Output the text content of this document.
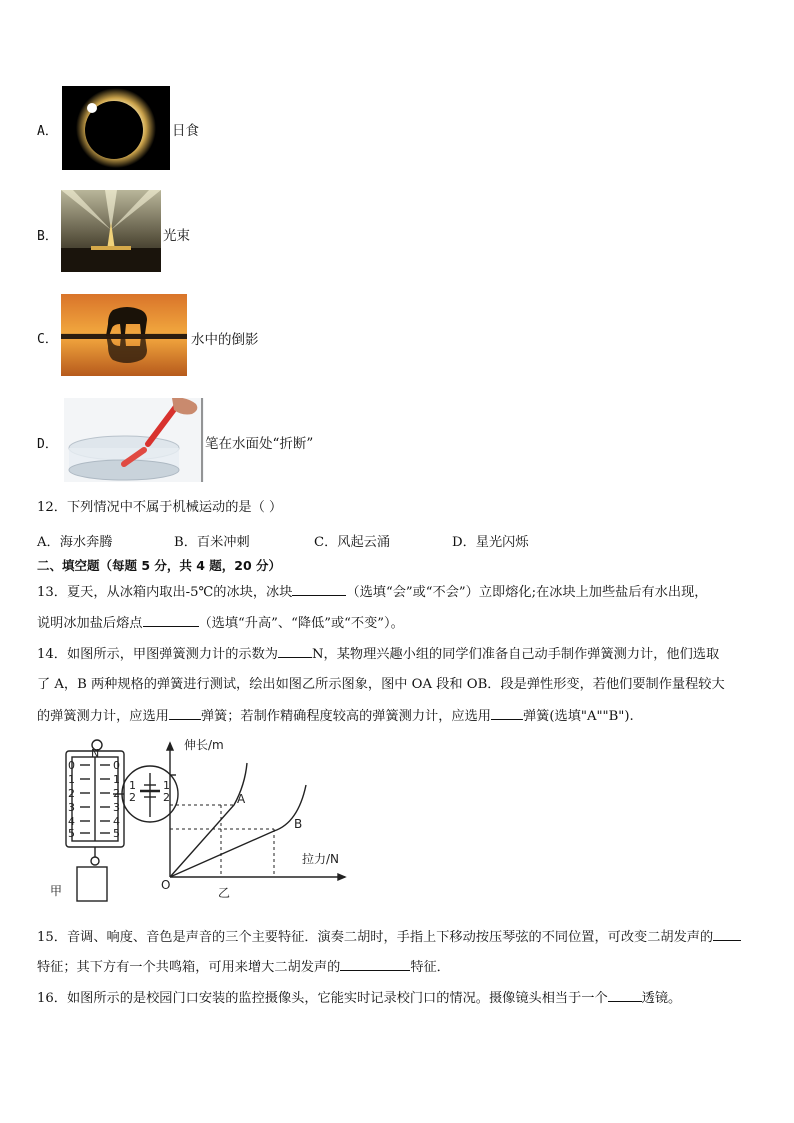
A．	日食
B．	光束
C．	水中的倒影
D．	笔在水面处“折断”
12．下列情况中不属于机械运动的是（ ）
A．海水奔腾	B．百米冲刺	C．风起云涌	D．星光闪烁
二、填空题（每题 5 分，共 4 题，20 分）
13．夏天，从冰箱内取出-5℃的冰块，冰块	（选填“会”或“不会”）立即熔化;在冰块上加些盐后有水出现，
说明冰加盐后熔点	（选填“升高”、“降低”或“不变”）。
14．如图所示，甲图弹簧测力计的示数为	N，某物理兴趣小组的同学们准备自己动手制作弹簧测力计，他们选取
了 A，B 两种规格的弹簧进行测试，绘出如图乙所示图象，图中 OA 段和 OB．段是弹性形变，若他们要制作量程较大
的弹簧测力计，应选用 弹簧；若制作精确程度较高的弹簧测力计，应选用 弹簧(选填"A""B").
0
1
2
3
4
5
0
1
2
3
4
5
N
1
2
1
2
甲
伸长/m
拉力/N
O
A
B
乙
15．音调、响度、音色是声音的三个主要特征．演奏二胡时，手指上下移动按压琴弦的不同位置，可改变二胡发声的
特征；其下方有一个共鸣箱，可用来增大二胡发声的	特征．
16．如图所示的是校园门口安装的监控摄像头，它能实时记录校门口的情况。摄像镜头相当于一个	透镜。
